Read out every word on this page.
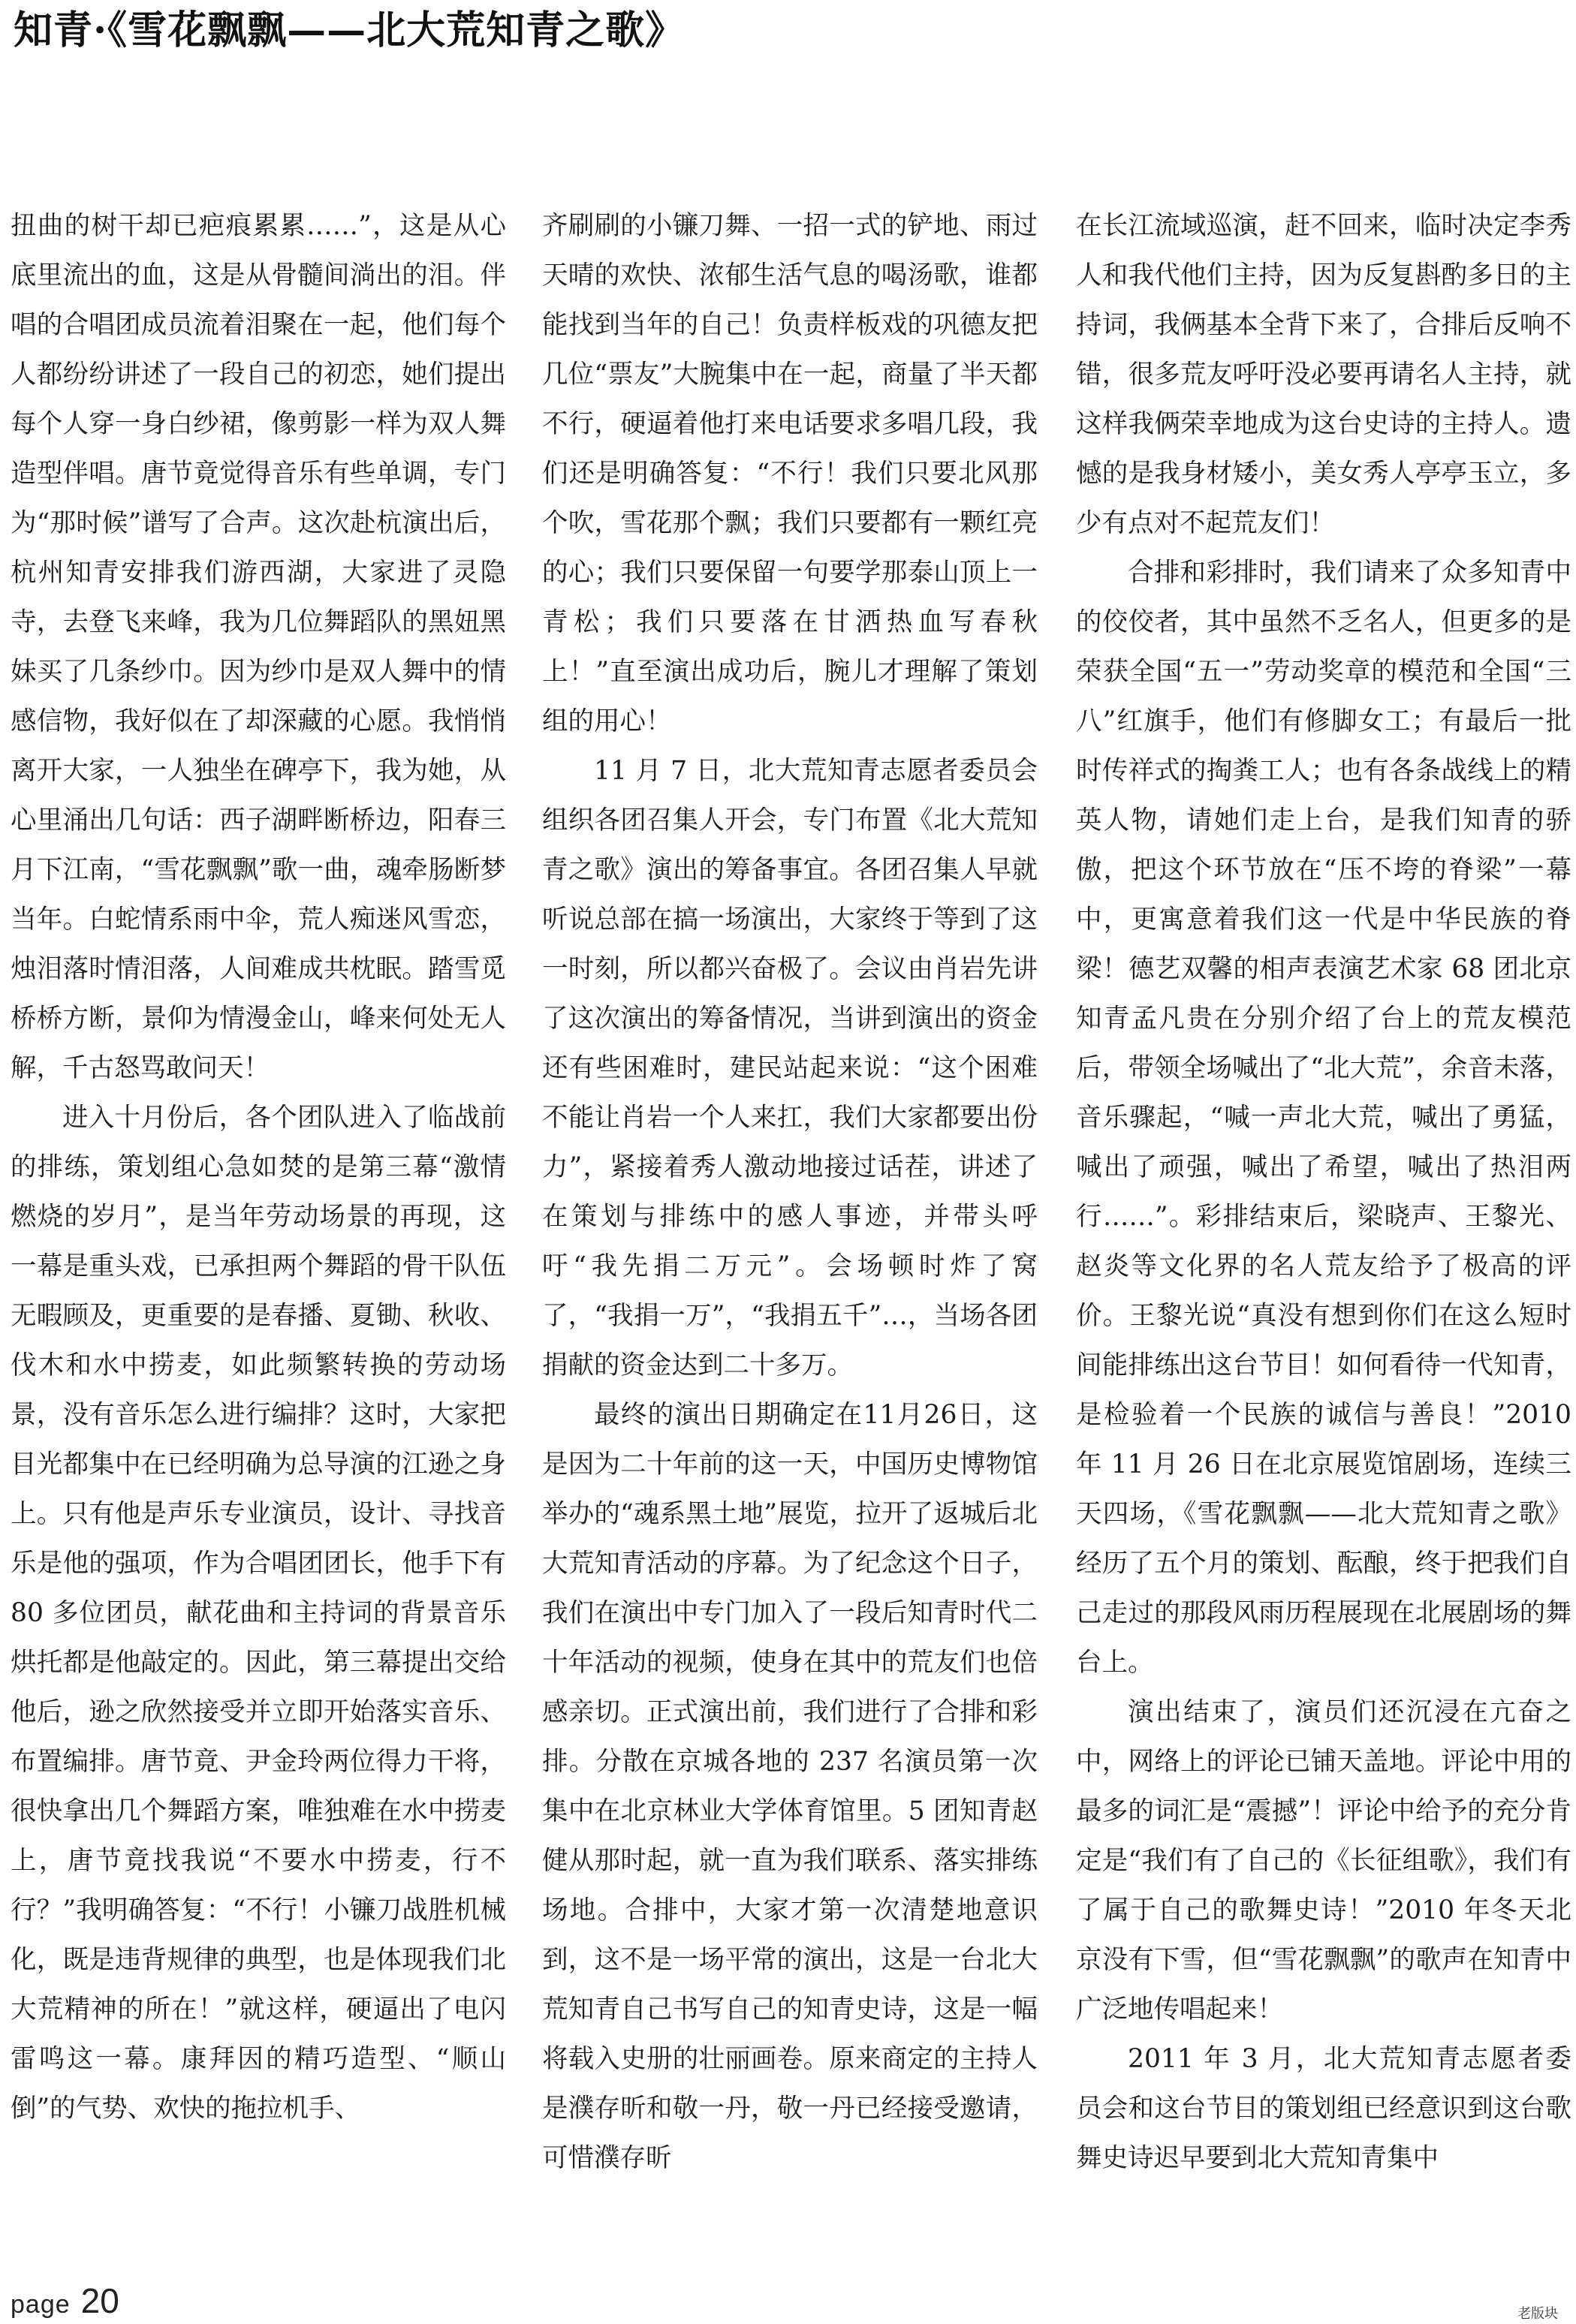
知青·《雪花飘飘——北大荒知青之歌》

扭曲的树干却已疤痕累累……”，这是从心底里流出的血，这是从骨髓间淌出的泪。伴唱的合唱团成员流着泪聚在一起，他们每个人都纷纷讲述了一段自己的初恋，她们提出每个人穿一身白纱裙，像剪影一样为双人舞造型伴唱。唐节竟觉得音乐有些单调，专门为“那时候”谱写了合声。这次赴杭演出后，杭州知青安排我们游西湖，大家进了灵隐寺，去登飞来峰，我为几位舞蹈队的黑妞黑妹买了几条纱巾。因为纱巾是双人舞中的情感信物，我好似在了却深藏的心愿。我悄悄离开大家，一人独坐在碑亭下，我为她，从心里涌出几句话：西子湖畔断桥边，阳春三月下江南，“雪花飘飘”歌一曲，魂牵肠断梦当年。白蛇情系雨中伞，荒人痴迷风雪恋，烛泪落时情泪落，人间难成共枕眠。踏雪觅桥桥方断，景仰为情漫金山，峰来何处无人解，千古怒骂敢问天！

进入十月份后，各个团队进入了临战前的排练，策划组心急如焚的是第三幕“激情燃烧的岁月”，是当年劳动场景的再现，这一幕是重头戏，已承担两个舞蹈的骨干队伍无暇顾及，更重要的是春播、夏锄、秋收、伐木和水中捞麦，如此频繁转换的劳动场景，没有音乐怎么进行编排？这时，大家把目光都集中在已经明确为总导演的江逊之身上。只有他是声乐专业演员，设计、寻找音乐是他的强项，作为合唱团团长，他手下有 80 多位团员，献花曲和主持词的背景音乐烘托都是他敲定的。因此，第三幕提出交给他后，逊之欣然接受并立即开始落实音乐、布置编排。唐节竟、尹金玲两位得力干将，很快拿出几个舞蹈方案，唯独难在水中捞麦上，唐节竟找我说“不要水中捞麦，行不行？”我明确答复：“不行！小镰刀战胜机械化，既是违背规律的典型，也是体现我们北大荒精神的所在！”就这样，硬逼出了电闪雷鸣这一幕。康拜因的精巧造型、“顺山倒”的气势、欢快的拖拉机手、

齐刷刷的小镰刀舞、一招一式的铲地、雨过天晴的欢快、浓郁生活气息的喝汤歌，谁都能找到当年的自己！负责样板戏的巩德友把几位“票友”大腕集中在一起，商量了半天都不行，硬逼着他打来电话要求多唱几段，我们还是明确答复：“不行！我们只要北风那个吹，雪花那个飘；我们只要都有一颗红亮的心；我们只要保留一句要学那泰山顶上一青松；我们只要落在甘洒热血写春秋上！”直至演出成功后，腕儿才理解了策划组的用心！

11 月 7 日，北大荒知青志愿者委员会组织各团召集人开会，专门布置《北大荒知青之歌》演出的筹备事宜。各团召集人早就听说总部在搞一场演出，大家终于等到了这一时刻，所以都兴奋极了。会议由肖岩先讲了这次演出的筹备情况，当讲到演出的资金还有些困难时，建民站起来说：“这个困难不能让肖岩一个人来扛，我们大家都要出份力”，紧接着秀人激动地接过话茬，讲述了在策划与排练中的感人事迹，并带头呼吁“我先捐二万元”。会场顿时炸了窝了，“我捐一万”，“我捐五千”…，当场各团捐献的资金达到二十多万。

最终的演出日期确定在11月26日，这是因为二十年前的这一天，中国历史博物馆举办的“魂系黑土地”展览，拉开了返城后北大荒知青活动的序幕。为了纪念这个日子，我们在演出中专门加入了一段后知青时代二十年活动的视频，使身在其中的荒友们也倍感亲切。正式演出前，我们进行了合排和彩排。分散在京城各地的 237 名演员第一次集中在北京林业大学体育馆里。5 团知青赵健从那时起，就一直为我们联系、落实排练场地。合排中，大家才第一次清楚地意识到，这不是一场平常的演出，这是一台北大荒知青自己书写自己的知青史诗，这是一幅将载入史册的壮丽画卷。原来商定的主持人是濮存昕和敬一丹，敬一丹已经接受邀请，可惜濮存昕

在长江流域巡演，赶不回来，临时决定李秀人和我代他们主持，因为反复斟酌多日的主持词，我俩基本全背下来了，合排后反响不错，很多荒友呼吁没必要再请名人主持，就这样我俩荣幸地成为这台史诗的主持人。遗憾的是我身材矮小，美女秀人亭亭玉立，多少有点对不起荒友们！

合排和彩排时，我们请来了众多知青中的佼佼者，其中虽然不乏名人，但更多的是荣获全国“五一”劳动奖章的模范和全国“三八”红旗手，他们有修脚女工；有最后一批时传祥式的掏粪工人；也有各条战线上的精英人物，请她们走上台，是我们知青的骄傲，把这个环节放在“压不垮的脊梁”一幕中，更寓意着我们这一代是中华民族的脊梁！德艺双馨的相声表演艺术家 68 团北京知青孟凡贵在分别介绍了台上的荒友模范后，带领全场喊出了“北大荒”，余音未落，音乐骤起，“喊一声北大荒，喊出了勇猛，喊出了顽强，喊出了希望，喊出了热泪两行……”。彩排结束后，梁晓声、王黎光、赵炎等文化界的名人荒友给予了极高的评价。王黎光说“真没有想到你们在这么短时间能排练出这台节目！如何看待一代知青，是检验着一个民族的诚信与善良！”2010 年 11 月 26 日在北京展览馆剧场，连续三天四场，《雪花飘飘——北大荒知青之歌》经历了五个月的策划、酝酿，终于把我们自己走过的那段风雨历程展现在北展剧场的舞台上。

演出结束了，演员们还沉浸在亢奋之中，网络上的评论已铺天盖地。评论中用的最多的词汇是“震撼”！评论中给予的充分肯定是“我们有了自己的《长征组歌》，我们有了属于自己的歌舞史诗！”2010 年冬天北京没有下雪，但“雪花飘飘”的歌声在知青中广泛地传唱起来！

2011 年 3 月，北大荒知青志愿者委员会和这台节目的策划组已经意识到这台歌舞史诗迟早要到北大荒知青集中

page 20	老版块
